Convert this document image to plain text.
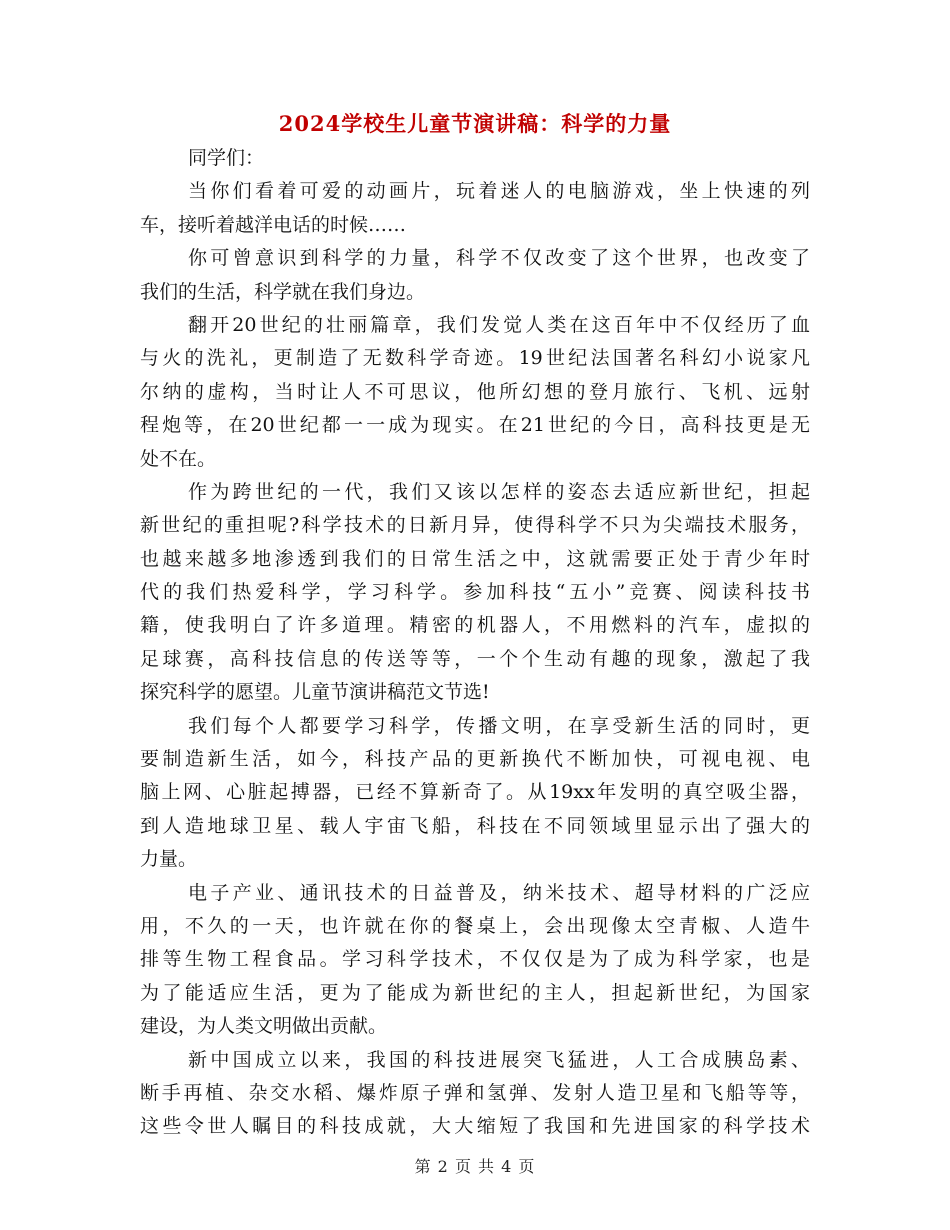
2024学校生儿童节演讲稿：科学的力量
同学们：
当你们看着可爱的动画片，玩着迷人的电脑游戏，坐上快速的列
车，接听着越洋电话的时候……
你可曾意识到科学的力量，科学不仅改变了这个世界，也改变了
我们的生活，科学就在我们身边。
翻开20世纪的壮丽篇章，我们发觉人类在这百年中不仅经历了血
与火的洗礼，更制造了无数科学奇迹。19世纪法国著名科幻小说家凡
尔纳的虚构，当时让人不可思议，他所幻想的登月旅行、飞机、远射
程炮等，在20世纪都一一成为现实。在21世纪的今日，高科技更是无
处不在。
作为跨世纪的一代，我们又该以怎样的姿态去适应新世纪，担起
新世纪的重担呢?科学技术的日新月异，使得科学不只为尖端技术服务，
也越来越多地渗透到我们的日常生活之中，这就需要正处于青少年时
代的我们热爱科学，学习科学。参加科技“五小”竞赛、阅读科技书
籍，使我明白了许多道理。精密的机器人，不用燃料的汽车，虚拟的
足球赛，高科技信息的传送等等，一个个生动有趣的现象，激起了我
探究科学的愿望。儿童节演讲稿范文节选!
我们每个人都要学习科学，传播文明，在享受新生活的同时，更
要制造新生活，如今，科技产品的更新换代不断加快，可视电视、电
脑上网、心脏起搏器，已经不算新奇了。从19xx年发明的真空吸尘器，
到人造地球卫星、载人宇宙飞船，科技在不同领域里显示出了强大的
力量。
电子产业、通讯技术的日益普及，纳米技术、超导材料的广泛应
用，不久的一天，也许就在你的餐桌上，会出现像太空青椒、人造牛
排等生物工程食品。学习科学技术，不仅仅是为了成为科学家，也是
为了能适应生活，更为了能成为新世纪的主人，担起新世纪，为国家
建设，为人类文明做出贡献。
新中国成立以来，我国的科技进展突飞猛进，人工合成胰岛素、
断手再植、杂交水稻、爆炸原子弹和氢弹、发射人造卫星和飞船等等，
这些令世人瞩目的科技成就，大大缩短了我国和先进国家的科学技术
第 2 页 共 4 页
